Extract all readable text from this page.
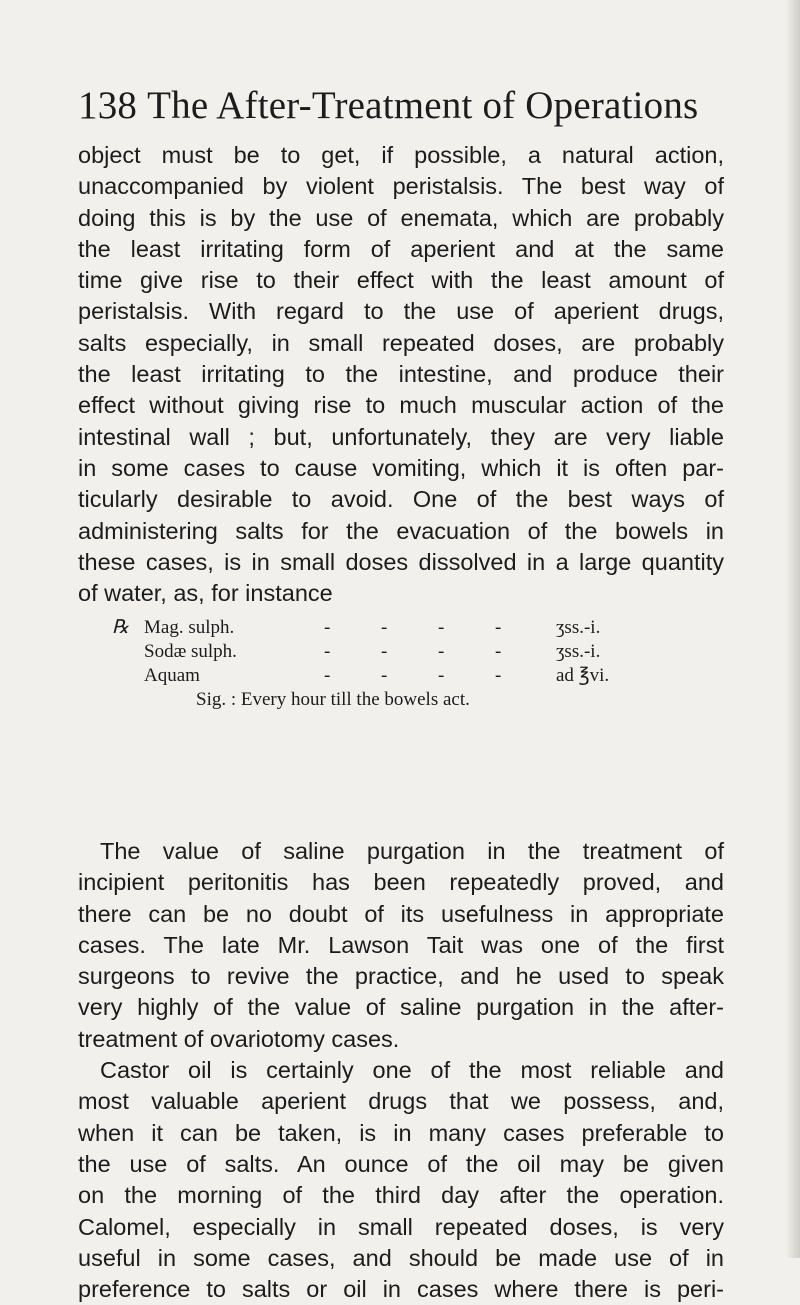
138 The After-Treatment of Operations
object must be to get, if possible, a natural action,
unaccompanied by violent peristalsis. The best way of
doing this is by the use of enemata, which are probably
the least irritating form of aperient and at the same
time give rise to their effect with the least amount of
peristalsis. With regard to the use of aperient drugs,
salts especially, in small repeated doses, are probably
the least irritating to the intestine, and produce their
effect without giving rise to much muscular action of the
intestinal wall ; but, unfortunately, they are very liable
in some cases to cause vomiting, which it is often par-
ticularly desirable to avoid. One of the best ways of
administering salts for the evacuation of the bowels in
these cases, is in small doses dissolved in a large quantity
of water, as, for instance
℞ Mag. sulph.	-	-	-	-	ʒss.-i.
Sodæ sulph.	-	-	-	-	ʒss.-i.
Aquam	-	-	-	-	ad ℥vi.
Sig. : Every hour till the bowels act.
The value of saline purgation in the treatment of
incipient peritonitis has been repeatedly proved, and
there can be no doubt of its usefulness in appropriate
cases. The late Mr. Lawson Tait was one of the first
surgeons to revive the practice, and he used to speak
very highly of the value of saline purgation in the after-
treatment of ovariotomy cases.
Castor oil is certainly one of the most reliable and
most valuable aperient drugs that we possess, and,
when it can be taken, is in many cases preferable to
the use of salts. An ounce of the oil may be given
on the morning of the third day after the operation.
Calomel, especially in small repeated doses, is very
useful in some cases, and should be made use of in
preference to salts or oil in cases where there is peri-
